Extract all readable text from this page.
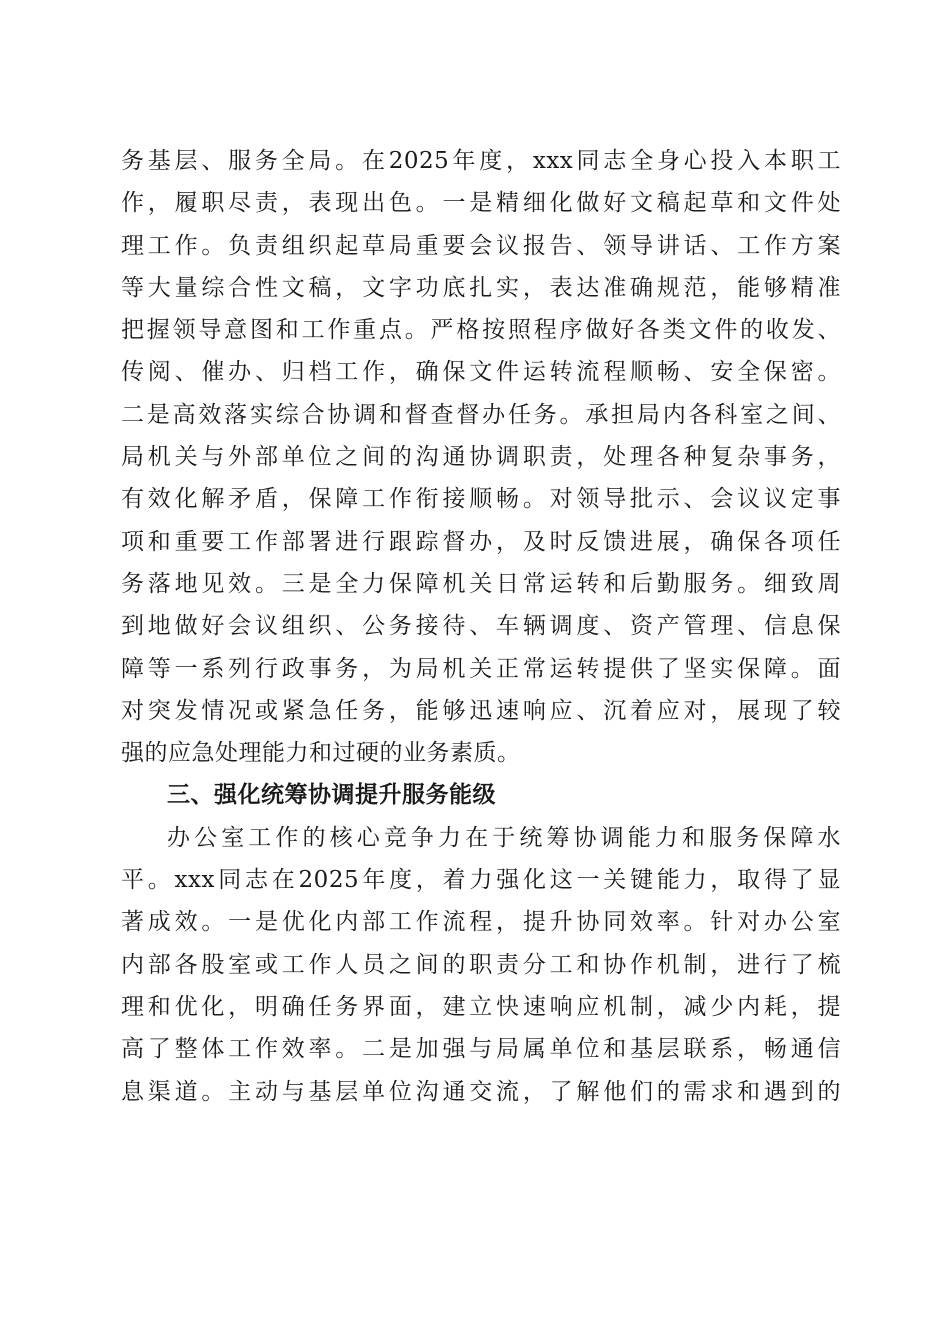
务基层、服务全局。在2025年度，xxx同志全身心投入本职工
作，履职尽责，表现出色。一是精细化做好文稿起草和文件处
理工作。负责组织起草局重要会议报告、领导讲话、工作方案
等大量综合性文稿，文字功底扎实，表达准确规范，能够精准
把握领导意图和工作重点。严格按照程序做好各类文件的收发、
传阅、催办、归档工作，确保文件运转流程顺畅、安全保密。
二是高效落实综合协调和督查督办任务。承担局内各科室之间、
局机关与外部单位之间的沟通协调职责，处理各种复杂事务，
有效化解矛盾，保障工作衔接顺畅。对领导批示、会议议定事
项和重要工作部署进行跟踪督办，及时反馈进展，确保各项任
务落地见效。三是全力保障机关日常运转和后勤服务。细致周
到地做好会议组织、公务接待、车辆调度、资产管理、信息保
障等一系列行政事务，为局机关正常运转提供了坚实保障。面
对突发情况或紧急任务，能够迅速响应、沉着应对，展现了较
强的应急处理能力和过硬的业务素质。
三、强化统筹协调提升服务能级
办公室工作的核心竞争力在于统筹协调能力和服务保障水
平。xxx同志在2025年度，着力强化这一关键能力，取得了显
著成效。一是优化内部工作流程，提升协同效率。针对办公室
内部各股室或工作人员之间的职责分工和协作机制，进行了梳
理和优化，明确任务界面，建立快速响应机制，减少内耗，提
高了整体工作效率。二是加强与局属单位和基层联系，畅通信
息渠道。主动与基层单位沟通交流，了解他们的需求和遇到的
